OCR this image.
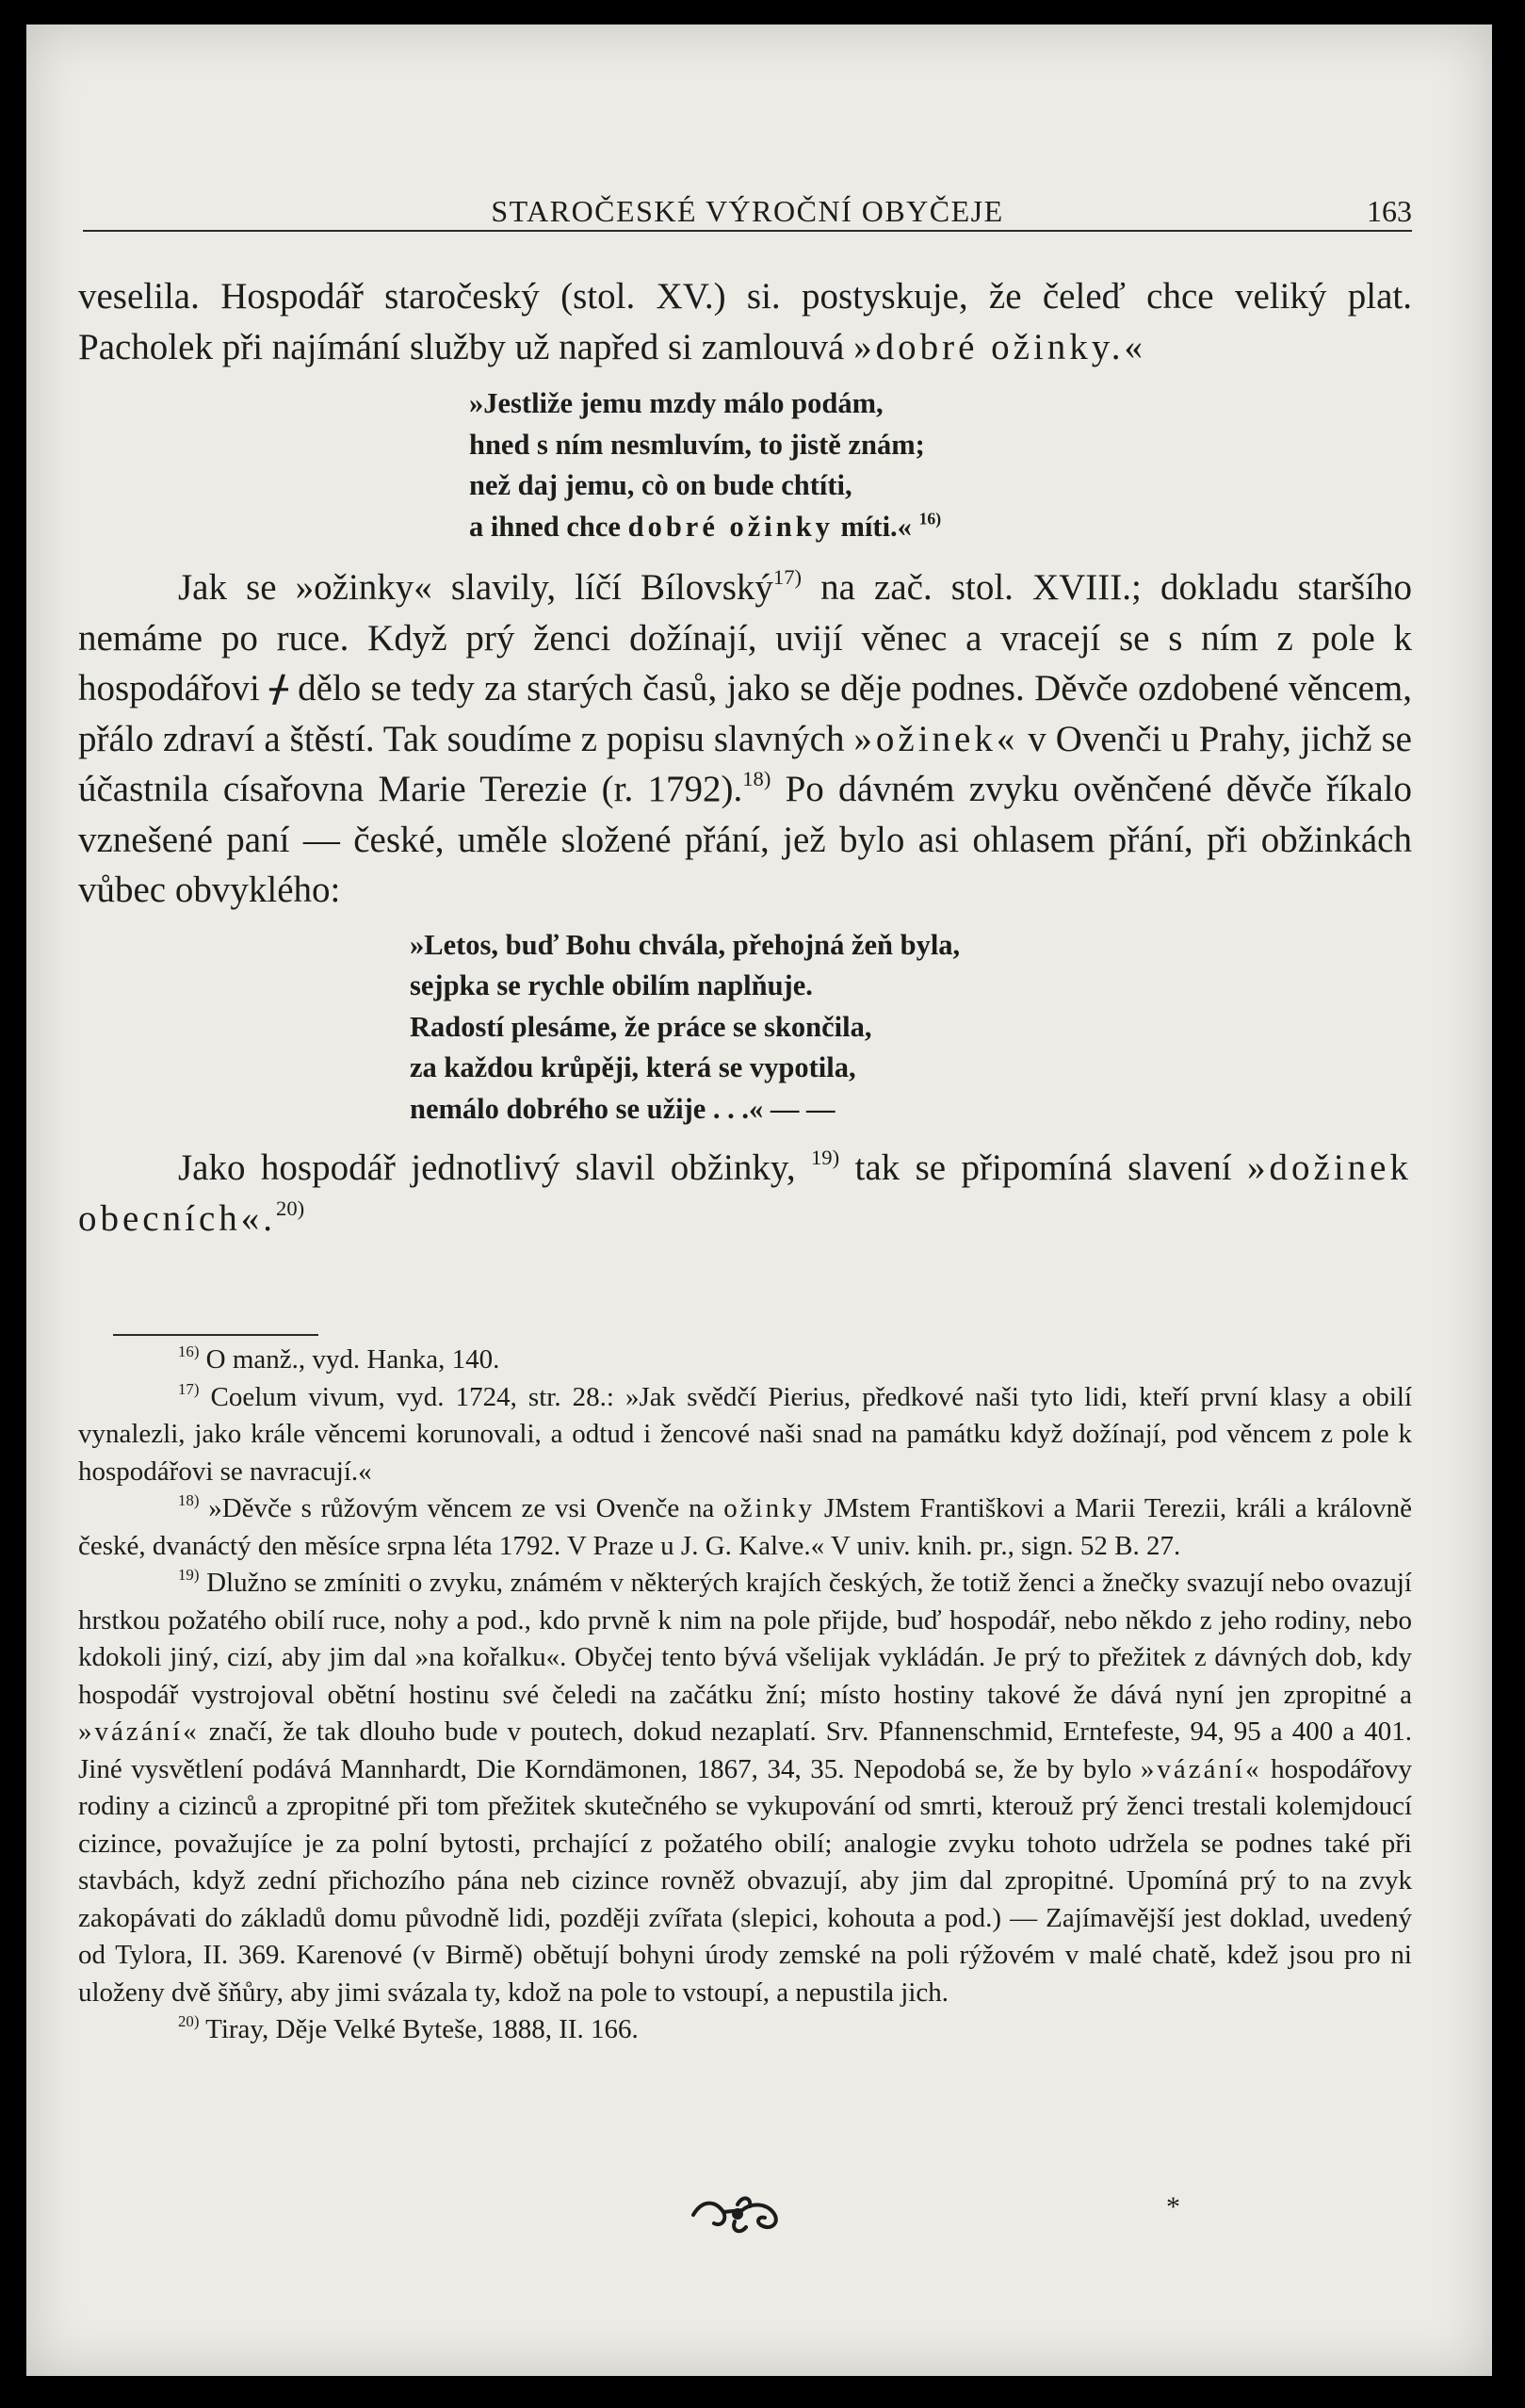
STAROČESKÉ VÝROČNÍ OBYČEJE	163

veselila. Hospodář staročeský (stol. XV.) si. postyskuje, že čeleď chce veliký plat. Pacholek při najímání služby už napřed si zamlouvá »dobré ožinky.«

»Jestliže jemu mzdy málo podám,
hned s ním nesmluvím, to jistě znám;
než daj jemu, cò on bude chtíti,
a ihned chce dobré ožinky míti.« $^{16)}$

Jak se »ožinky« slavily, líčí Bílovský$^{17)}$ na zač. stol. XVIII.; dokladu staršího nemáme po ruce. Když prý ženci dožínají, uvijí věnec a vracejí se s ním z pole k hospodářovi ᚋ dělo se tedy za starých časů, jako se děje podnes. Děvče ozdobené věncem, přálo zdraví a štěstí. Tak soudíme z popisu slavných »ožinek« v Ovenči u Prahy, jichž se účastnila císařovna Marie Terezie (r. 1792).$^{18)}$ Po dávném zvyku ověnčené děvče říkalo vznešené paní — české, uměle složené přání, jež bylo asi ohlasem přání, při obžinkách vůbec obvyklého:

»Letos, buď Bohu chvála, přehojná žeň byla,
sejpka se rychle obilím naplňuje.
Radostí plesáme, že práce se skončila,
za každou krůpěji, která se vypotila,
nemálo dobrého se užije . . .« — —

Jako hospodář jednotlivý slavil obžinky, $^{19)}$ tak se připomíná slavení »dožinek obecních«.$^{20)}$

$^{16)}$ O manž., vyd. Hanka, 140.

$^{17)}$ Coelum vivum, vyd. 1724, str. 28.: »Jak svědčí Pierius, předkové naši tyto lidi, kteří první klasy a obilí vynalezli, jako krále věncemi korunovali, a odtud i žencové naši snad na památku když dožínají, pod věncem z pole k hospodářovi se navracují.«

$^{18)}$ »Děvče s růžovým věncem ze vsi Ovenče na ožinky JMstem Františkovi a Marii Terezii, králi a královně české, dvanáctý den měsíce srpna léta 1792. V Praze u J. G. Kalve.« V univ. knih. pr., sign. 52 B. 27.

$^{19)}$ Dlužno se zmíniti o zvyku, známém v některých krajích českých, že totiž ženci a žnečky svazují nebo ovazují hrstkou požatého obilí ruce, nohy a pod., kdo prvně k nim na pole přijde, buď hospodář, nebo někdo z jeho rodiny, nebo kdokoli jiný, cizí, aby jim dal »na kořalku«. Obyčej tento bývá všelijak vykládán. Je prý to přežitek z dávných dob, kdy hospodář vystrojoval obětní hostinu své čeledi na začátku žní; místo hostiny takové že dává nyní jen zpropitné a »vázání« značí, že tak dlouho bude v poutech, dokud nezaplatí. Srv. Pfannenschmid, Erntefeste, 94, 95 a 400 a 401. Jiné vysvětlení podává Mannhardt, Die Korndämonen, 1867, 34, 35. Nepodobá se, že by bylo »vázání« hospodářovy rodiny a cizinců a zpropitné při tom přežitek skutečného se vykupování od smrti, kterouž prý ženci trestali kolemjdoucí cizince, považujíce je za polní bytosti, prchající z požatého obilí; analogie zvyku tohoto udržela se podnes také při stavbách, když zední přichozího pána neb cizince rovněž obvazují, aby jim dal zpropitné. Upomíná prý to na zvyk zakopávati do základů domu původně lidi, později zvířata (slepici, kohouta a pod.) — Zajímavější jest doklad, uvedený od Tylora, II. 369. Karenové (v Birmě) obětují bohyni úrody zemské na poli rýžovém v malé chatě, kdež jsou pro ni uloženy dvě šňůry, aby jimi svázala ty, kdož na pole to vstoupí, a nepustila jich.

$^{20)}$ Tiray, Děje Velké Byteše, 1888, II. 166.

*
